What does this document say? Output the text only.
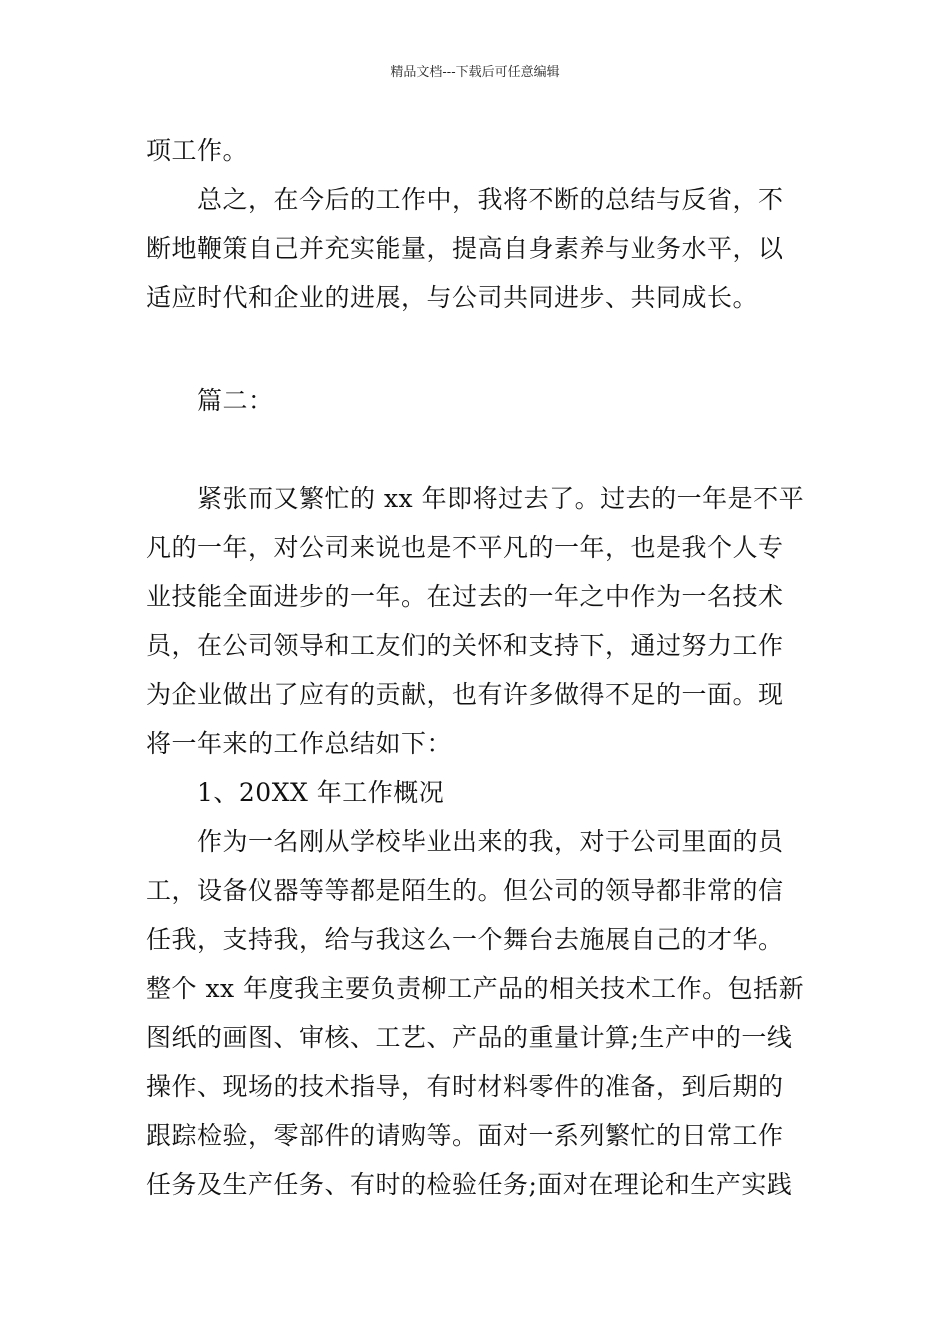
精品文档---下载后可任意编辑
项工作。
总之，在今后的工作中，我将不断的总结与反省，不
断地鞭策自己并充实能量，提高自身素养与业务水平，以
适应时代和企业的进展，与公司共同进步、共同成长。
篇二：
紧张而又繁忙的 xx 年即将过去了。过去的一年是不平
凡的一年，对公司来说也是不平凡的一年，也是我个人专
业技能全面进步的一年。在过去的一年之中作为一名技术
员，在公司领导和工友们的关怀和支持下，通过努力工作
为企业做出了应有的贡献，也有许多做得不足的一面。现
将一年来的工作总结如下：
1、20XX 年工作概况
作为一名刚从学校毕业出来的我，对于公司里面的员
工，设备仪器等等都是陌生的。但公司的领导都非常的信
任我，支持我，给与我这么一个舞台去施展自己的才华。
整个 xx 年度我主要负责柳工产品的相关技术工作。包括新
图纸的画图、审核、工艺、产品的重量计算;生产中的一线
操作、现场的技术指导，有时材料零件的准备，到后期的
跟踪检验，零部件的请购等。面对一系列繁忙的日常工作
任务及生产任务、有时的检验任务;面对在理论和生产实践
